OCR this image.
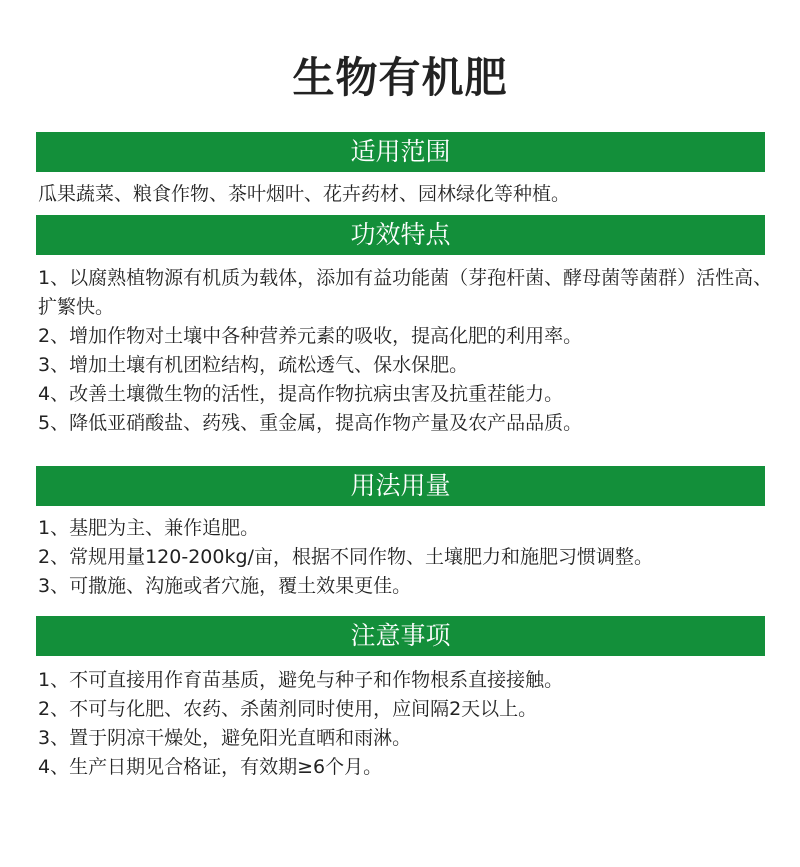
生物有机肥
适用范围
瓜果蔬菜、粮食作物、茶叶烟叶、花卉药材、园林绿化等种植。
功效特点
1、以腐熟植物源有机质为载体，添加有益功能菌（芽孢杆菌、酵母菌等菌群）活性高、扩繁快。
2、增加作物对土壤中各种营养元素的吸收，提高化肥的利用率。
3、增加土壤有机团粒结构，疏松透气、保水保肥。
4、改善土壤微生物的活性，提高作物抗病虫害及抗重茬能力。
5、降低亚硝酸盐、药残、重金属，提高作物产量及农产品品质。
用法用量
1、基肥为主、兼作追肥。
2、常规用量120-200kg/亩，根据不同作物、土壤肥力和施肥习惯调整。
3、可撒施、沟施或者穴施，覆土效果更佳。
注意事项
1、不可直接用作育苗基质，避免与种子和作物根系直接接触。
2、不可与化肥、农药、杀菌剂同时使用，应间隔2天以上。
3、置于阴凉干燥处，避免阳光直晒和雨淋。
4、生产日期见合格证，有效期≥6个月。
